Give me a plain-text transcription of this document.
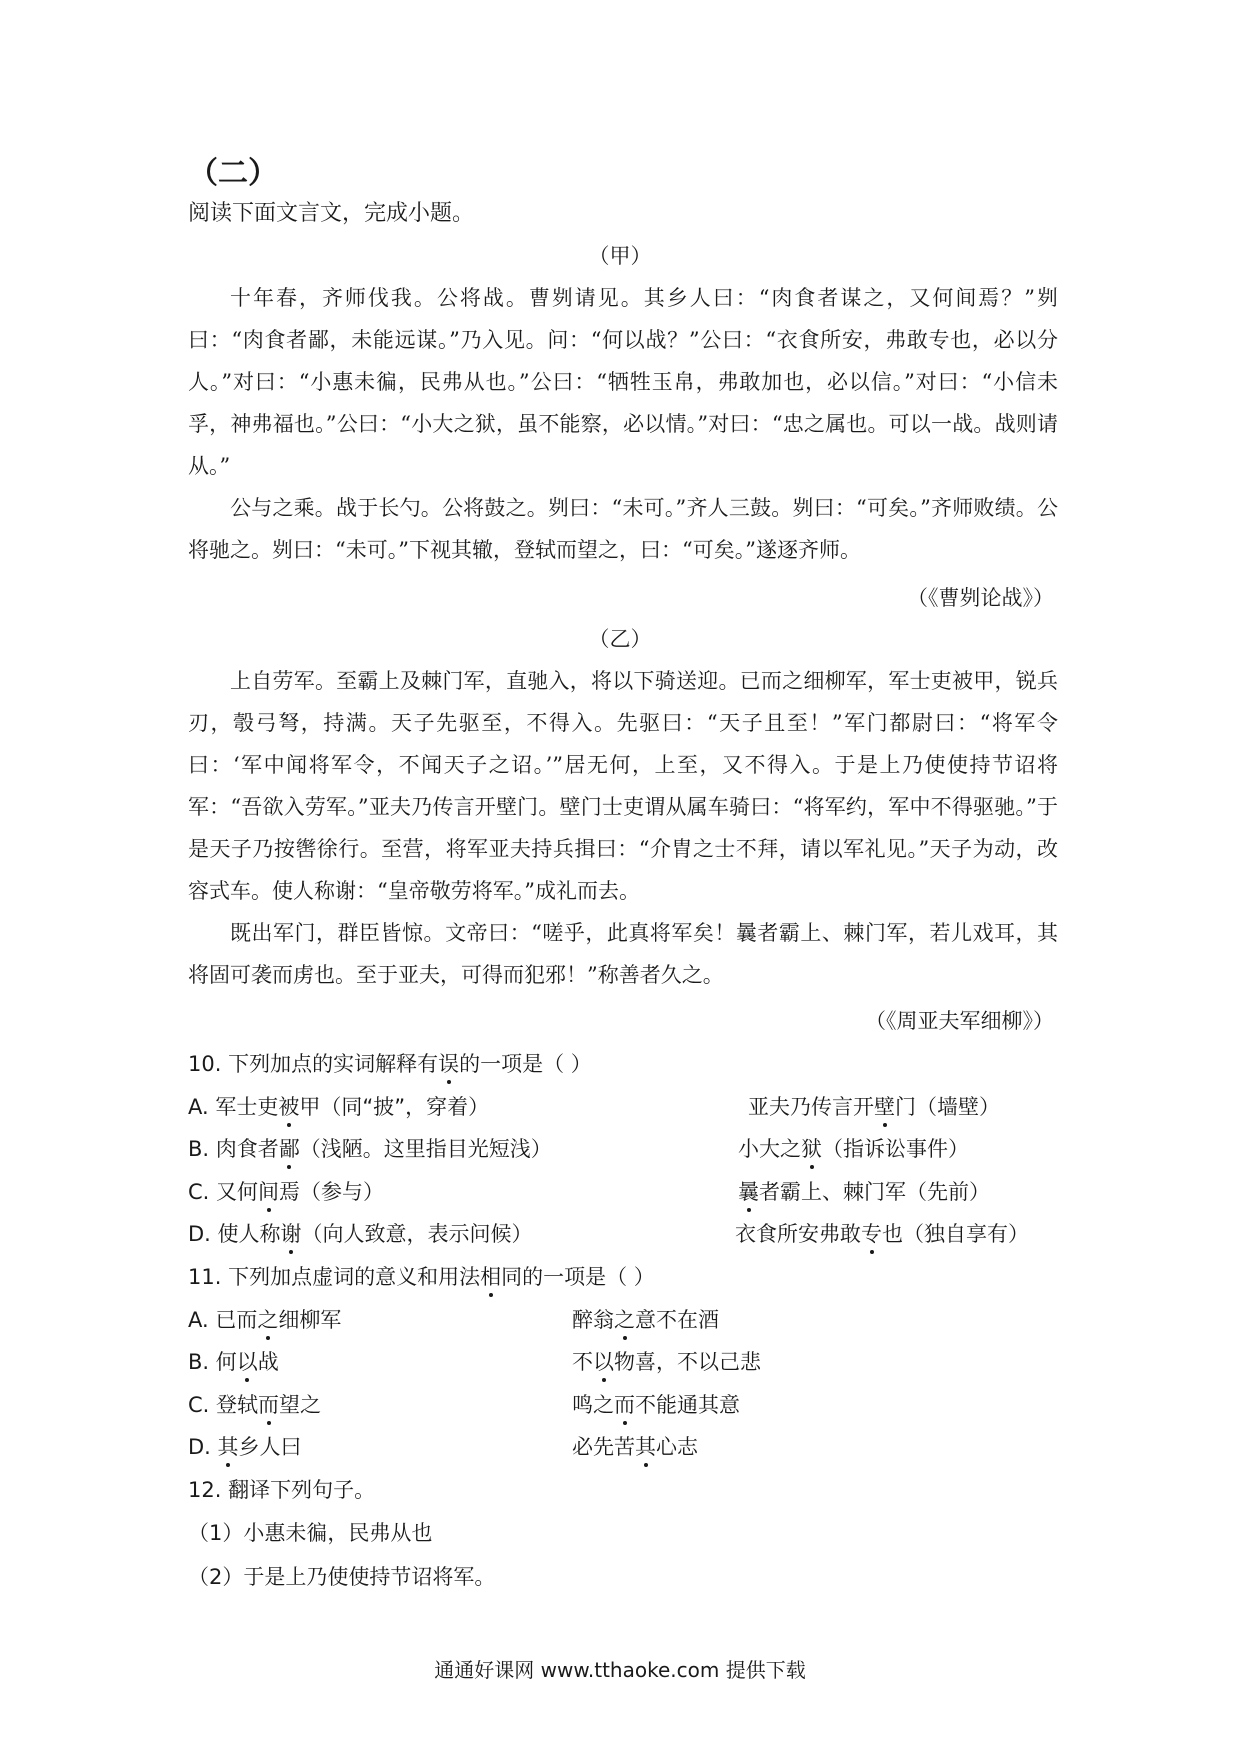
（二）
阅读下面文言文，完成小题。
（甲）

十年春，齐师伐我。公将战。曹刿请见。其乡人曰：“肉食者谋之，又何间焉？”刿曰：“肉食者鄙，未能远谋。”乃入见。问：“何以战？”公曰：“衣食所安，弗敢专也，必以分人。”对曰：“小惠未徧，民弗从也。”公曰：“牺牲玉帛，弗敢加也，必以信。”对曰：“小信未孚，神弗福也。”公曰：“小大之狱，虽不能察，必以情。”对曰：“忠之属也。可以一战。战则请从。”

公与之乘。战于长勺。公将鼓之。刿曰：“未可。”齐人三鼓。刿曰：“可矣。”齐师败绩。公将驰之。刿曰：“未可。”下视其辙，登轼而望之，曰：“可矣。”遂逐齐师。

（《曹刿论战》）
（乙）

上自劳军。至霸上及棘门军，直驰入，将以下骑送迎。已而之细柳军，军士吏被甲，锐兵刃，彀弓弩，持满。天子先驱至，不得入。先驱曰：“天子且至！”军门都尉曰：“将军令曰：‘军中闻将军令，不闻天子之诏。’”居无何，上至，又不得入。于是上乃使使持节诏将军：“吾欲入劳军。”亚夫乃传言开壁门。壁门士吏谓从属车骑曰：“将军约，军中不得驱驰。”于是天子乃按辔徐行。至营，将军亚夫持兵揖曰：“介胄之士不拜，请以军礼见。”天子为动，改容式车。使人称谢：“皇帝敬劳将军。”成礼而去。

既出军门，群臣皆惊。文帝曰：“嗟乎，此真将军矣！曩者霸上、棘门军，若儿戏耳，其将固可袭而虏也。至于亚夫，可得而犯邪！”称善者久之。

（《周亚夫军细柳》）
10. 下列加点的实词解释有误的一项是（ ）
A. 军士吏被甲（同“披”，穿着）	亚夫乃传言开壁门（墙壁）
B. 肉食者鄙（浅陋。这里指目光短浅）	小大之狱（指诉讼事件）
C. 又何间焉（参与）	曩者霸上、棘门军（先前）
D. 使人称谢（向人致意，表示问候）	衣食所安弗敢专也（独自享有）
11. 下列加点虚词的意义和用法相同的一项是（ ）
A. 已而之细柳军	醉翁之意不在酒
B. 何以战	不以物喜，不以己悲
C. 登轼而望之	鸣之而不能通其意
D. 其乡人曰	必先苦其心志
12. 翻译下列句子。
（1）小惠未徧，民弗从也
（2）于是上乃使使持节诏将军。
通通好课网 www.tthaoke.com 提供下载
